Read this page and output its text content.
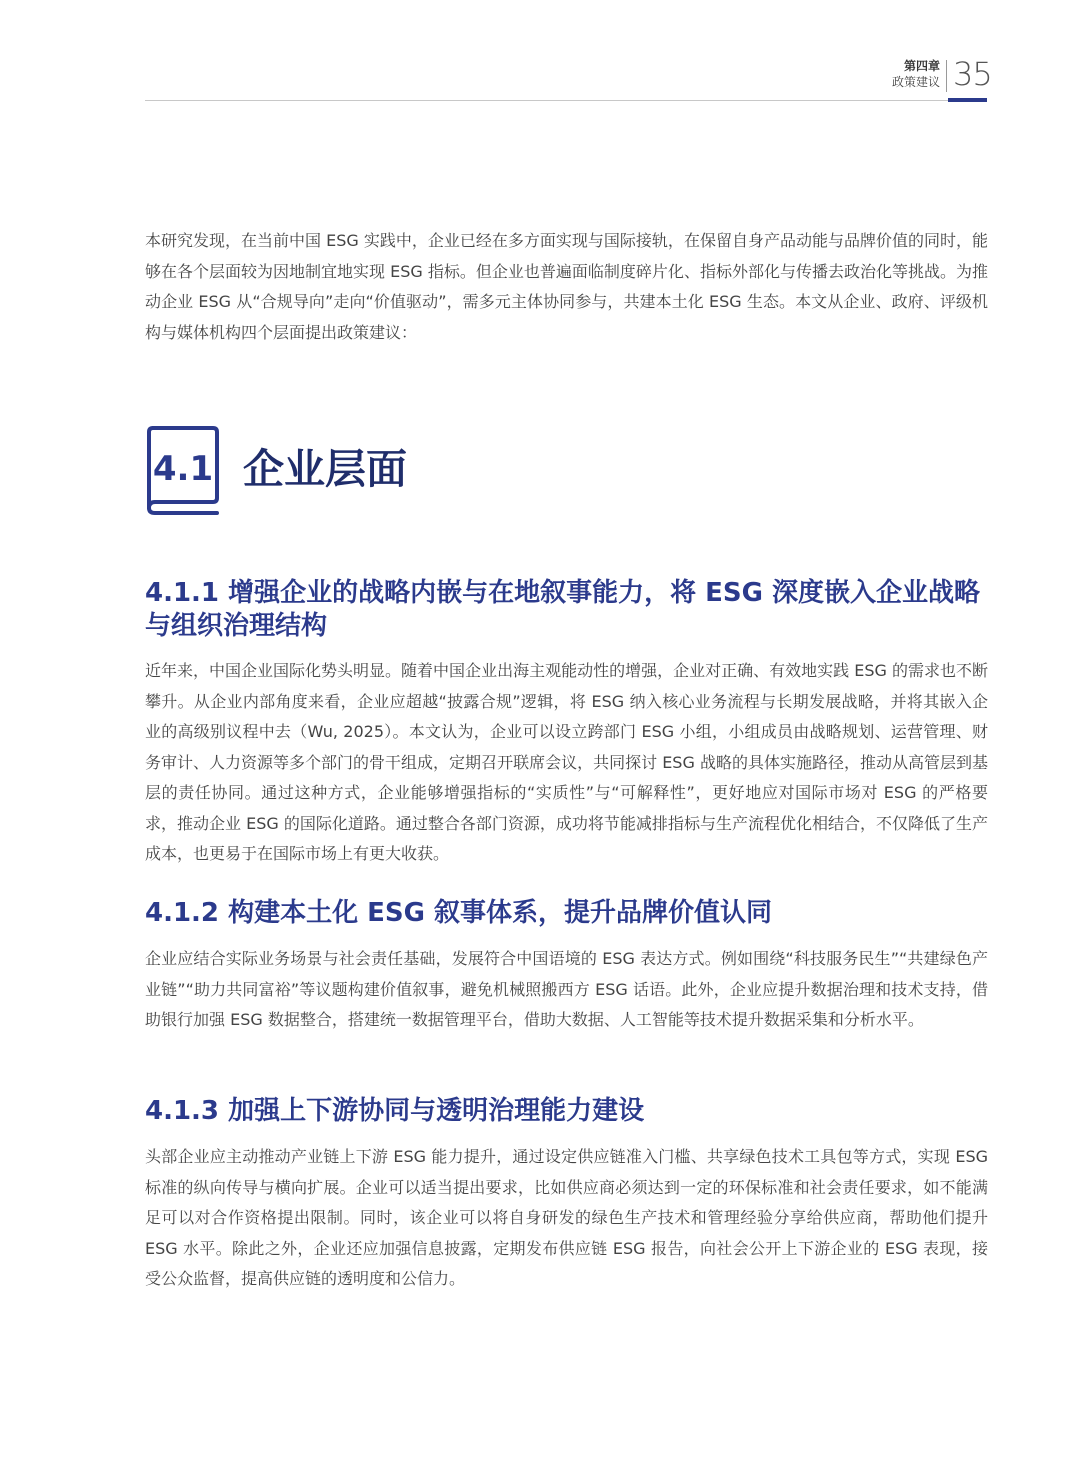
第四章
政策建议 35

本研究发现，在当前中国 ESG 实践中，企业已经在多方面实现与国际接轨，在保留自身产品动能与品牌价值的同时，能够在各个层面较为因地制宜地实现 ESG 指标。但企业也普遍面临制度碎片化、指标外部化与传播去政治化等挑战。为推动企业 ESG 从“合规导向”走向“价值驱动”，需多元主体协同参与，共建本土化 ESG 生态。本文从企业、政府、评级机构与媒体机构四个层面提出政策建议：

4.1 企业层面
4.1.1 增强企业的战略内嵌与在地叙事能力，将 ESG 深度嵌入企业战略与组织治理结构

近年来，中国企业国际化势头明显。随着中国企业出海主观能动性的增强，企业对正确、有效地实践 ESG 的需求也不断攀升。从企业内部角度来看，企业应超越“披露合规”逻辑，将 ESG 纳入核心业务流程与长期发展战略，并将其嵌入企业的高级别议程中去（Wu, 2025）。本文认为，企业可以设立跨部门 ESG 小组，小组成员由战略规划、运营管理、财务审计、人力资源等多个部门的骨干组成，定期召开联席会议，共同探讨 ESG 战略的具体实施路径，推动从高管层到基层的责任协同。通过这种方式，企业能够增强指标的“实质性”与“可解释性”，更好地应对国际市场对 ESG 的严格要求，推动企业 ESG 的国际化道路。通过整合各部门资源，成功将节能减排指标与生产流程优化相结合，不仅降低了生产成本，也更易于在国际市场上有更大收获。

4.1.2 构建本土化 ESG 叙事体系，提升品牌价值认同

企业应结合实际业务场景与社会责任基础，发展符合中国语境的 ESG 表达方式。例如围绕“科技服务民生”“共建绿色产业链”“助力共同富裕”等议题构建价值叙事，避免机械照搬西方 ESG 话语。此外，企业应提升数据治理和技术支持，借助银行加强 ESG 数据整合，搭建统一数据管理平台，借助大数据、人工智能等技术提升数据采集和分析水平。

4.1.3 加强上下游协同与透明治理能力建设

头部企业应主动推动产业链上下游 ESG 能力提升，通过设定供应链准入门槛、共享绿色技术工具包等方式，实现 ESG 标准的纵向传导与横向扩展。企业可以适当提出要求，比如供应商必须达到一定的环保标准和社会责任要求，如不能满足可以对合作资格提出限制。同时，该企业可以将自身研发的绿色生产技术和管理经验分享给供应商，帮助他们提升 ESG 水平。除此之外，企业还应加强信息披露，定期发布供应链 ESG 报告，向社会公开上下游企业的 ESG 表现，接受公众监督，提高供应链的透明度和公信力。
